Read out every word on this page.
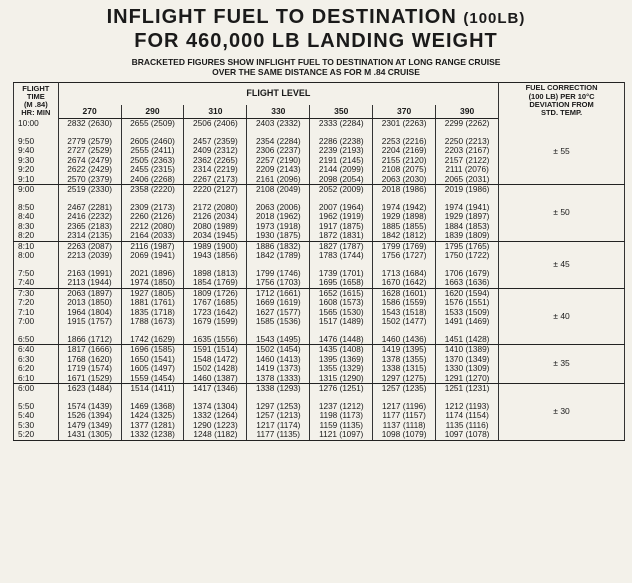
INFLIGHT FUEL TO DESTINATION (100LB)
FOR 460,000 LB LANDING WEIGHT
BRACKETED FIGURES SHOW INFLIGHT FUEL TO DESTINATION AT LONG RANGE CRUISE
OVER THE SAME DISTANCE AS FOR M .84 CRUISE
FLIGHT
TIME
(M .84)
HR: MIN	FLIGHT LEVEL							FUEL CORRECTION
(100 LB) PER 10°C
DEVIATION FROM
STD. TEMP.
	270	290	310	330	350	370	390	
10:00	2832 (2630)	2655 (2509)	2506 (2406)	2403 (2332)	2333 (2284)	2301 (2263)	2299 (2262)	± 55

9:50	2779 (2579)	2605 (2460)	2457 (2359)	2354 (2284)	2286 (2238)	2253 (2216)	2250 (2213)	
9:40	2727 (2529)	2555 (2411)	2409 (2312)	2306 (2237)	2239 (2193)	2204 (2169)	2203 (2167)	
9:30	2674 (2479)	2505 (2363)	2362 (2265)	2257 (2190)	2191 (2145)	2155 (2120)	2157 (2122)	
9:20	2622 (2429)	2455 (2315)	2314 (2219)	2209 (2143)	2144 (2099)	2108 (2075)	2111 (2076)	
9:10	2570 (2379)	2406 (2268)	2267 (2173)	2161 (2096)	2098 (2054)	2063 (2030)	2065 (2031)	
9:00	2519 (2330)	2358 (2220)	2220 (2127)	2108 (2049)	2052 (2009)	2018 (1986)	2019 (1986)	± 50

8:50	2467 (2281)	2309 (2173)	2172 (2080)	2063 (2006)	2007 (1964)	1974 (1942)	1974 (1941)	
8:40	2416 (2232)	2260 (2126)	2126 (2034)	2018 (1962)	1962 (1919)	1929 (1898)	1929 (1897)	
8:30	2365 (2183)	2212 (2080)	2080 (1989)	1973 (1918)	1917 (1875)	1885 (1855)	1884 (1853)	
8:20	2314 (2135)	2164 (2033)	2034 (1945)	1930 (1875)	1872 (1831)	1842 (1812)	1839 (1809)	
8:10	2263 (2087)	2116 (1987)	1989 (1900)	1886 (1832)	1827 (1787)	1799 (1769)	1795 (1765)	± 45
8:00	2213 (2039)	2069 (1941)	1943 (1856)	1842 (1789)	1783 (1744)	1756 (1727)	1750 (1722)	

7:50	2163 (1991)	2021 (1896)	1898 (1813)	1799 (1746)	1739 (1701)	1713 (1684)	1706 (1679)	
7:40	2113 (1944)	1974 (1850)	1854 (1769)	1756 (1703)	1695 (1658)	1670 (1642)	1663 (1636)	
7:30	2063 (1897)	1927 (1805)	1809 (1726)	1712 (1661)	1652 (1615)	1628 (1601)	1620 (1594)	± 40
7:20	2013 (1850)	1881 (1761)	1767 (1685)	1669 (1619)	1608 (1573)	1586 (1559)	1576 (1551)	
7:10	1964 (1804)	1835 (1718)	1723 (1642)	1627 (1577)	1565 (1530)	1543 (1518)	1533 (1509)	
7:00	1915 (1757)	1788 (1673)	1679 (1599)	1585 (1536)	1517 (1489)	1502 (1477)	1491 (1469)	

6:50	1866 (1712)	1742 (1629)	1635 (1556)	1543 (1495)	1476 (1448)	1460 (1436)	1451 (1428)	
6:40	1817 (1666)	1696 (1585)	1591 (1514)	1502 (1454)	1435 (1408)	1419 (1395)	1410 (1389)	± 35
6:30	1768 (1620)	1650 (1541)	1548 (1472)	1460 (1413)	1395 (1369)	1378 (1355)	1370 (1349)	
6:20	1719 (1574)	1605 (1497)	1502 (1428)	1419 (1373)	1355 (1329)	1338 (1315)	1330 (1309)	
6:10	1671 (1529)	1559 (1454)	1460 (1387)	1378 (1333)	1315 (1290)	1297 (1275)	1291 (1270)	
6:00	1623 (1484)	1514 (1411)	1417 (1346)	1338 (1293)	1276 (1251)	1257 (1235)	1251 (1231)	± 30

5:50	1574 (1439)	1469 (1368)	1374 (1304)	1297 (1253)	1237 (1212)	1217 (1196)	1212 (1193)	
5:40	1526 (1394)	1424 (1325)	1332 (1264)	1257 (1213)	1198 (1173)	1177 (1157)	1174 (1154)	
5:30	1479 (1349)	1377 (1281)	1290 (1223)	1217 (1174)	1159 (1135)	1137 (1118)	1135 (1116)	
5:20	1431 (1305)	1332 (1238)	1248 (1182)	1177 (1135)	1121 (1097)	1098 (1079)	1097 (1078)	
